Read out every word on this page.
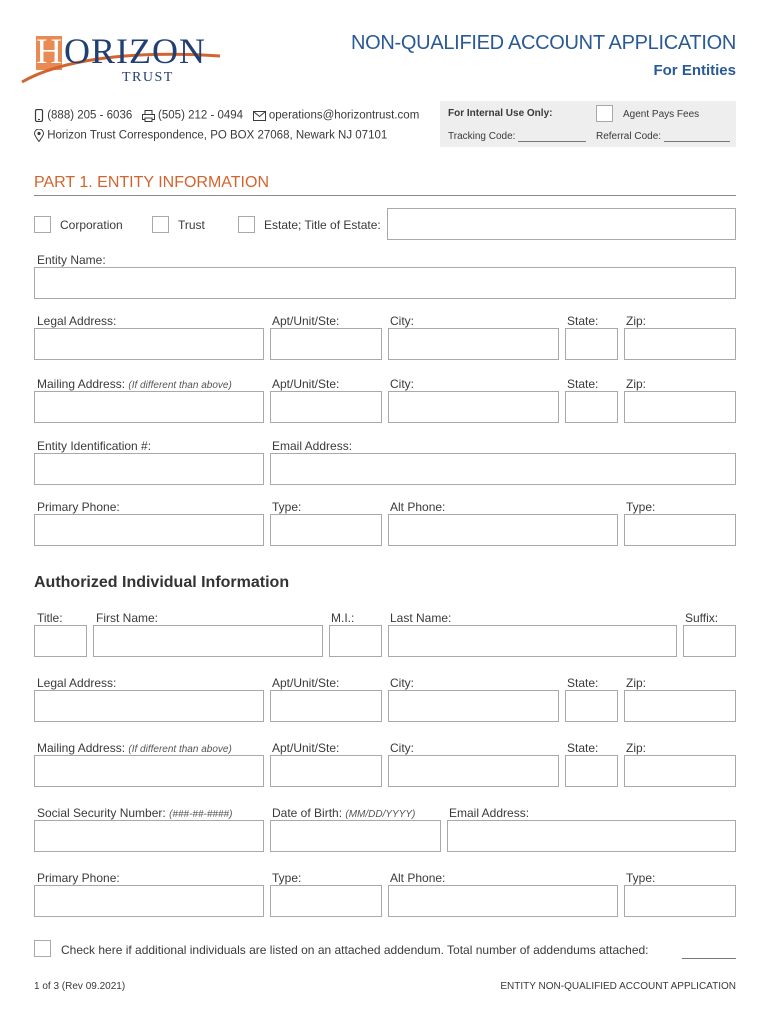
H ORIZON
TRUST
NON-QUALIFIED ACCOUNT APPLICATION
For Entities
(888) 205 - 6036 (505) 212 - 0494 operations@horizontrust.com
Horizon Trust Correspondence, PO BOX 27068, Newark NJ 07101
For Internal Use Only:	Agent Pays Fees
Tracking Code:	Referral Code:
PART 1. ENTITY INFORMATION
Corporation	Trust	Estate; Title of Estate:
Entity Name:
Legal Address:	Apt/Unit/Ste:	City:	State: Zip:
Mailing Address: (If different than above)	Apt/Unit/Ste:	City:	State: Zip:
Entity Identification #:	Email Address:
Primary Phone:	Type:	Alt Phone:	Type:
Authorized Individual Information
Title:	First Name:	M.I.:	Last Name:	Suffix:
Legal Address:	Apt/Unit/Ste:	City:	State: Zip:
Mailing Address: (If different than above)	Apt/Unit/Ste:	City:	State: Zip:
Social Security Number: (###-##-####)	Date of Birth: (MM/DD/YYYY)	Email Address:
Primary Phone:	Type:	Alt Phone:	Type:
Check here if additional individuals are listed on an attached addendum. Total number of addendums attached:
1 of 3 (Rev 09.2021)	ENTITY NON-QUALIFIED ACCOUNT APPLICATION
